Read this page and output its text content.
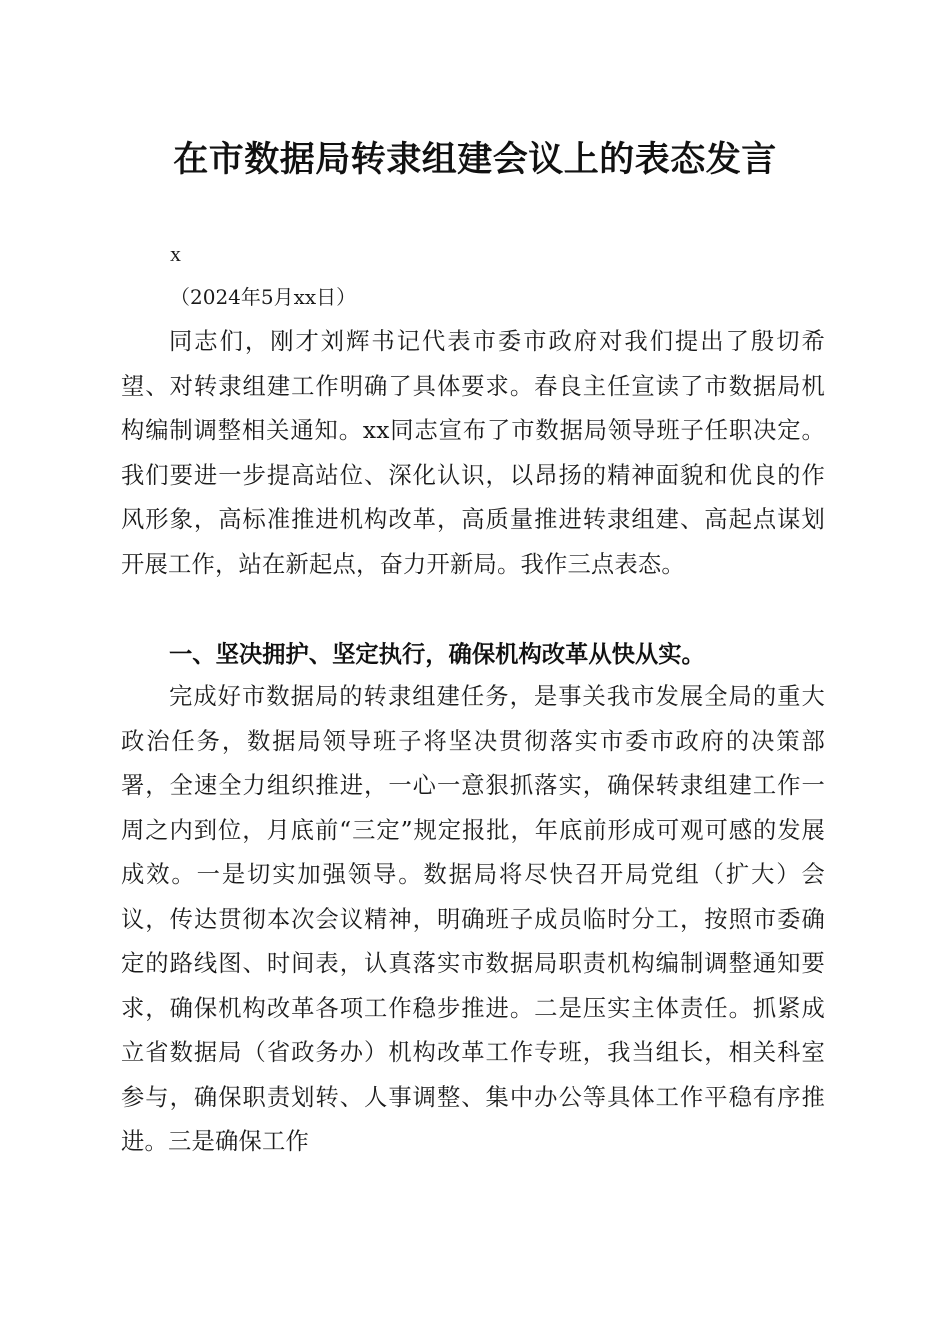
在市数据局转隶组建会议上的表态发言
x
（2024年5月xx日）

同志们，刚才刘辉书记代表市委市政府对我们提出了殷切希望、对转隶组建工作明确了具体要求。春良主任宣读了市数据局机构编制调整相关通知。xx同志宣布了市数据局领导班子任职决定。我们要进一步提高站位、深化认识，以昂扬的精神面貌和优良的作风形象，高标准推进机构改革，高质量推进转隶组建、高起点谋划开展工作，站在新起点，奋力开新局。我作三点表态。

一、坚决拥护、坚定执行，确保机构改革从快从实。

完成好市数据局的转隶组建任务，是事关我市发展全局的重大政治任务，数据局领导班子将坚决贯彻落实市委市政府的决策部署，全速全力组织推进，一心一意狠抓落实，确保转隶组建工作一周之内到位，月底前“三定”规定报批，年底前形成可观可感的发展成效。一是切实加强领导。数据局将尽快召开局党组（扩大）会议，传达贯彻本次会议精神，明确班子成员临时分工，按照市委确定的路线图、时间表，认真落实市数据局职责机构编制调整通知要求，确保机构改革各项工作稳步推进。二是压实主体责任。抓紧成立省数据局（省政务办）机构改革工作专班，我当组长，相关科室参与，确保职责划转、人事调整、集中办公等具体工作平稳有序推进。三是确保工作
